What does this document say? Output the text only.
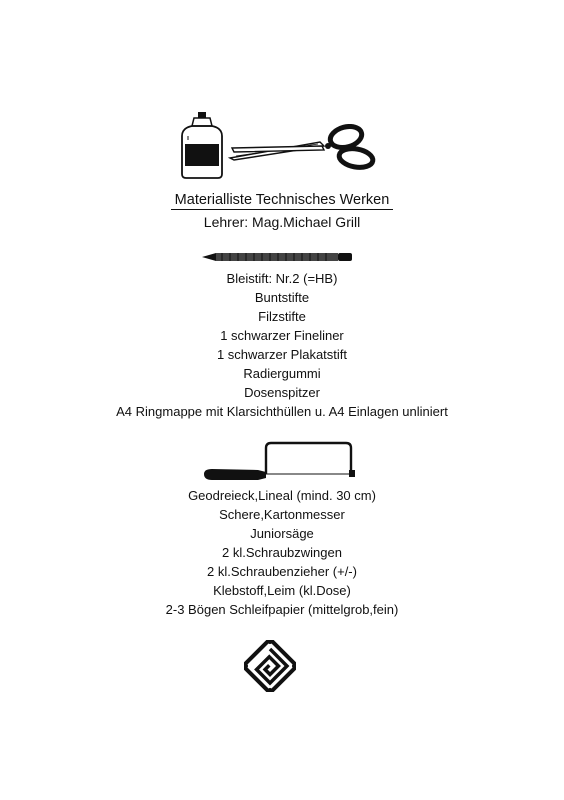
Materialliste Technisches Werken
Lehrer: Mag.Michael Grill
Bleistift: Nr.2 (=HB)
Buntstifte
Filzstifte
1 schwarzer Fineliner
1 schwarzer Plakatstift
Radiergummi
Dosenspitzer
A4 Ringmappe mit Klarsichthüllen u. A4 Einlagen unliniert
Geodreieck,Lineal (mind. 30 cm)
Schere,Kartonmesser
Juniorsäge
2 kl.Schraubzwingen
2 kl.Schraubenzieher (+/-)
Klebstoff,Leim (kl.Dose)
2-3 Bögen Schleifpapier (mittelgrob,fein)
